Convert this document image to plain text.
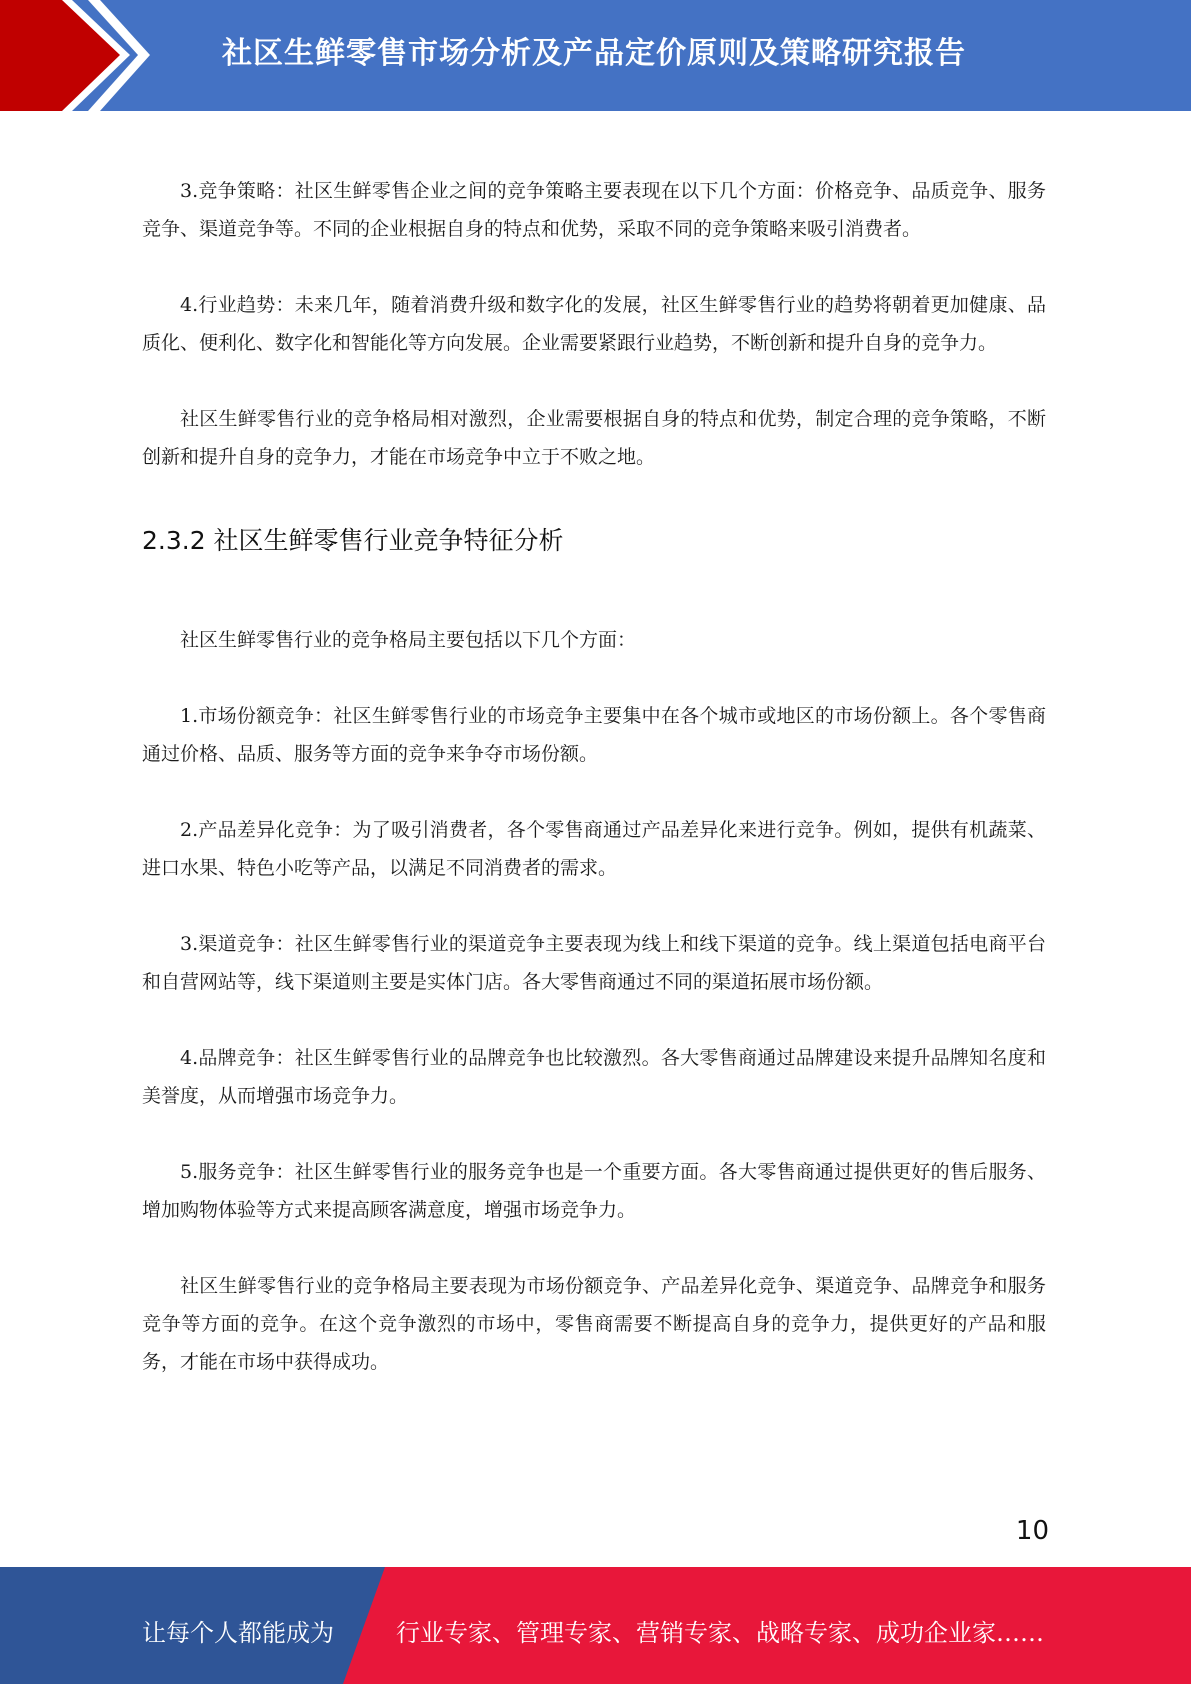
社区生鲜零售市场分析及产品定价原则及策略研究报告

3.竞争策略：社区生鲜零售企业之间的竞争策略主要表现在以下几个方面：价格竞争、品质竞争、服务竞争、渠道竞争等。不同的企业根据自身的特点和优势，采取不同的竞争策略来吸引消费者。

4.行业趋势：未来几年，随着消费升级和数字化的发展，社区生鲜零售行业的趋势将朝着更加健康、品质化、便利化、数字化和智能化等方向发展。企业需要紧跟行业趋势，不断创新和提升自身的竞争力。

社区生鲜零售行业的竞争格局相对激烈，企业需要根据自身的特点和优势，制定合理的竞争策略，不断创新和提升自身的竞争力，才能在市场竞争中立于不败之地。

2.3.2 社区生鲜零售行业竞争特征分析

社区生鲜零售行业的竞争格局主要包括以下几个方面：

1.市场份额竞争：社区生鲜零售行业的市场竞争主要集中在各个城市或地区的市场份额上。各个零售商通过价格、品质、服务等方面的竞争来争夺市场份额。

2.产品差异化竞争：为了吸引消费者，各个零售商通过产品差异化来进行竞争。例如，提供有机蔬菜、进口水果、特色小吃等产品，以满足不同消费者的需求。

3.渠道竞争：社区生鲜零售行业的渠道竞争主要表现为线上和线下渠道的竞争。线上渠道包括电商平台和自营网站等，线下渠道则主要是实体门店。各大零售商通过不同的渠道拓展市场份额。

4.品牌竞争：社区生鲜零售行业的品牌竞争也比较激烈。各大零售商通过品牌建设来提升品牌知名度和美誉度，从而增强市场竞争力。

5.服务竞争：社区生鲜零售行业的服务竞争也是一个重要方面。各大零售商通过提供更好的售后服务、增加购物体验等方式来提高顾客满意度，增强市场竞争力。

社区生鲜零售行业的竞争格局主要表现为市场份额竞争、产品差异化竞争、渠道竞争、品牌竞争和服务竞争等方面的竞争。在这个竞争激烈的市场中，零售商需要不断提高自身的竞争力，提供更好的产品和服务，才能在市场中获得成功。

10
让每个人都能成为	行业专家、管理专家、营销专家、战略专家、成功企业家……
